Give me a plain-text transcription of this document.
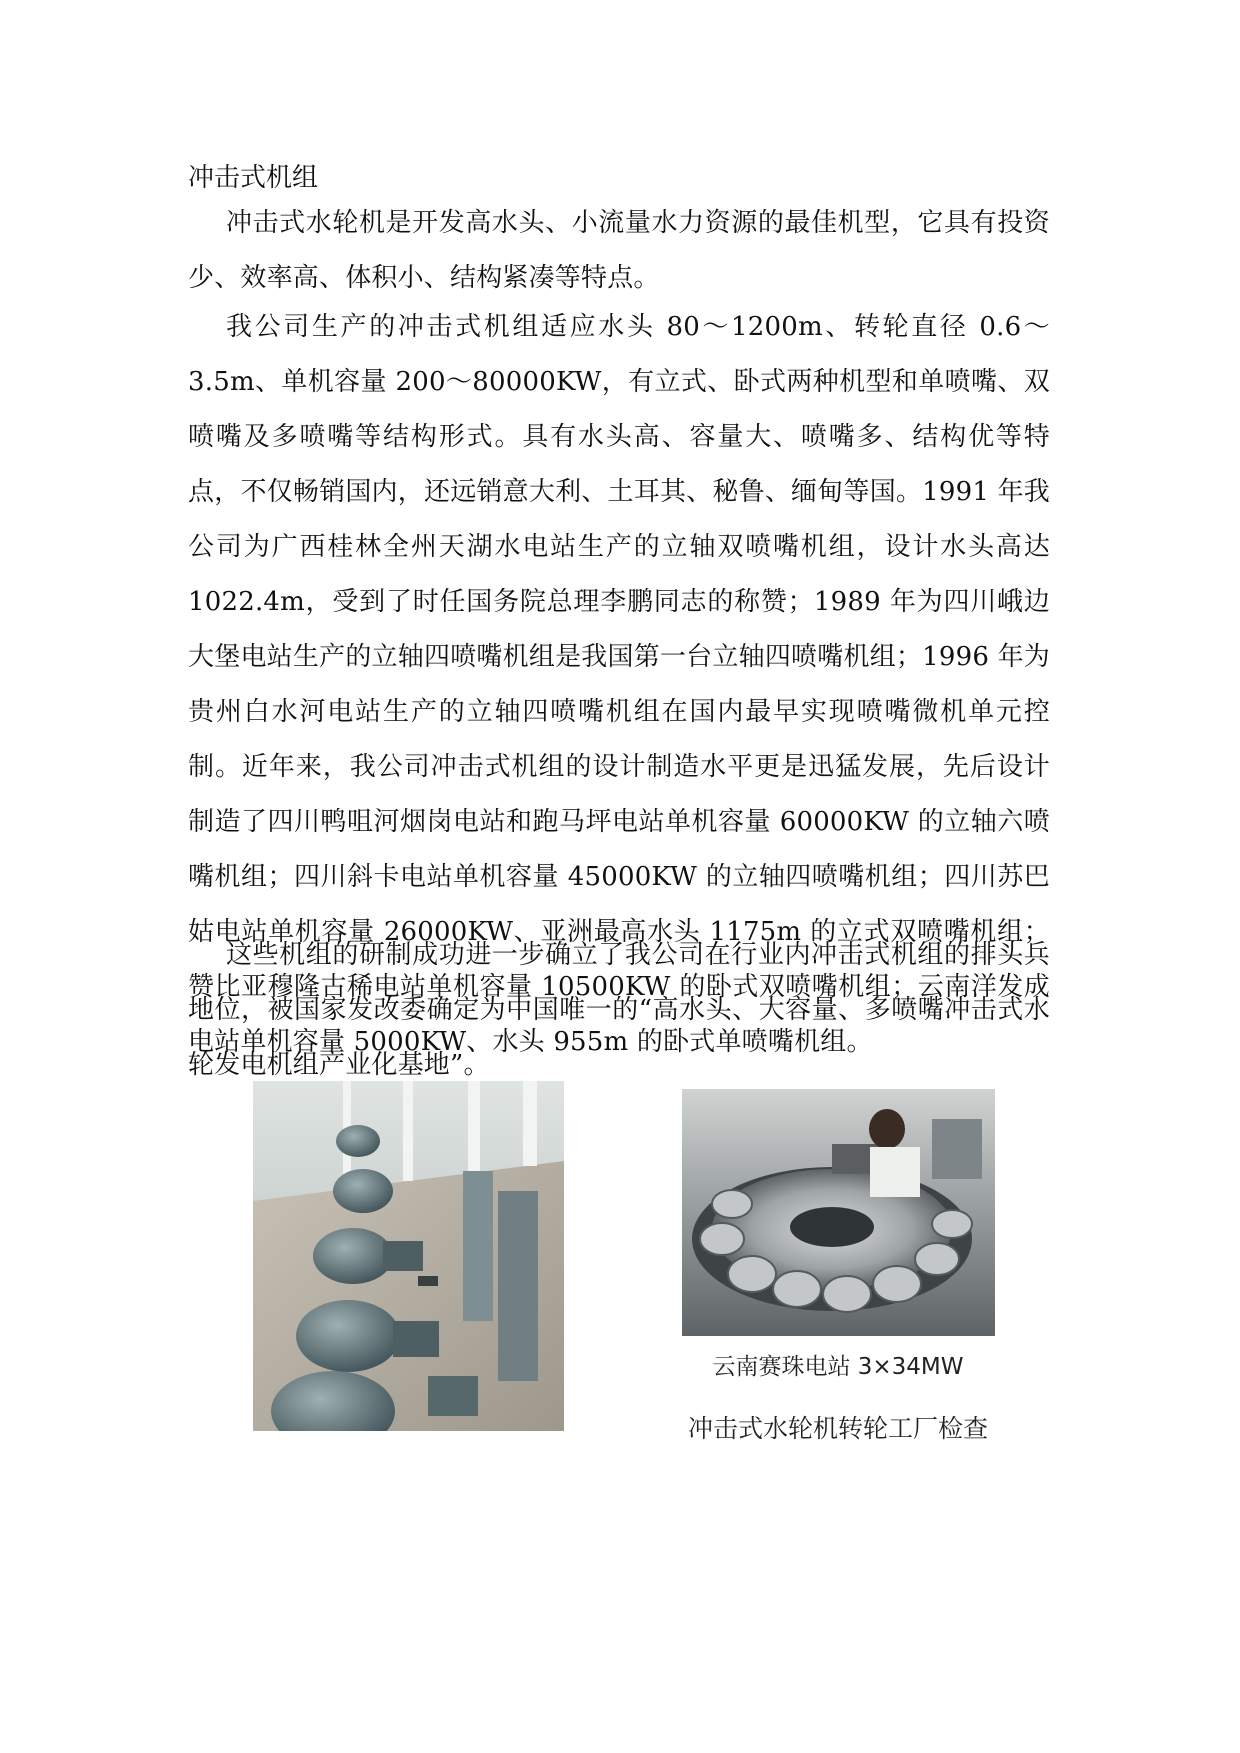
冲击式机组

冲击式水轮机是开发高水头、小流量水力资源的最佳机型，它具有投资少、效率高、体积小、结构紧凑等特点。

我公司生产的冲击式机组适应水头 80～1200m、转轮直径 0.6～3.5m、单机容量 200～80000KW，有立式、卧式两种机型和单喷嘴、双喷嘴及多喷嘴等结构形式。具有水头高、容量大、喷嘴多、结构优等特点，不仅畅销国内，还远销意大利、土耳其、秘鲁、缅甸等国。1991 年我公司为广西桂林全州天湖水电站生产的立轴双喷嘴机组，设计水头高达 1022.4m，受到了时任国务院总理李鹏同志的称赞；1989 年为四川峨边大堡电站生产的立轴四喷嘴机组是我国第一台立轴四喷嘴机组；1996 年为贵州白水河电站生产的立轴四喷嘴机组在国内最早实现喷嘴微机单元控制。近年来，我公司冲击式机组的设计制造水平更是迅猛发展，先后设计制造了四川鸭咀河烟岗电站和跑马坪电站单机容量 60000KW 的立轴六喷嘴机组；四川斜卡电站单机容量 45000KW 的立轴四喷嘴机组；四川苏巴姑电站单机容量 26000KW、亚洲最高水头 1175m 的立式双喷嘴机组；赞比亚穆隆古稀电站单机容量 10500KW 的卧式双喷嘴机组；云南洋发成电站单机容量 5000KW、水头 955m 的卧式单喷嘴机组。

这些机组的研制成功进一步确立了我公司在行业内冲击式机组的排头兵地位，被国家发改委确定为中国唯一的“高水头、大容量、多喷嘴冲击式水轮发电机组产业化基地”。

云南赛珠电站 3×34MW
冲击式水轮机转轮工厂检查
